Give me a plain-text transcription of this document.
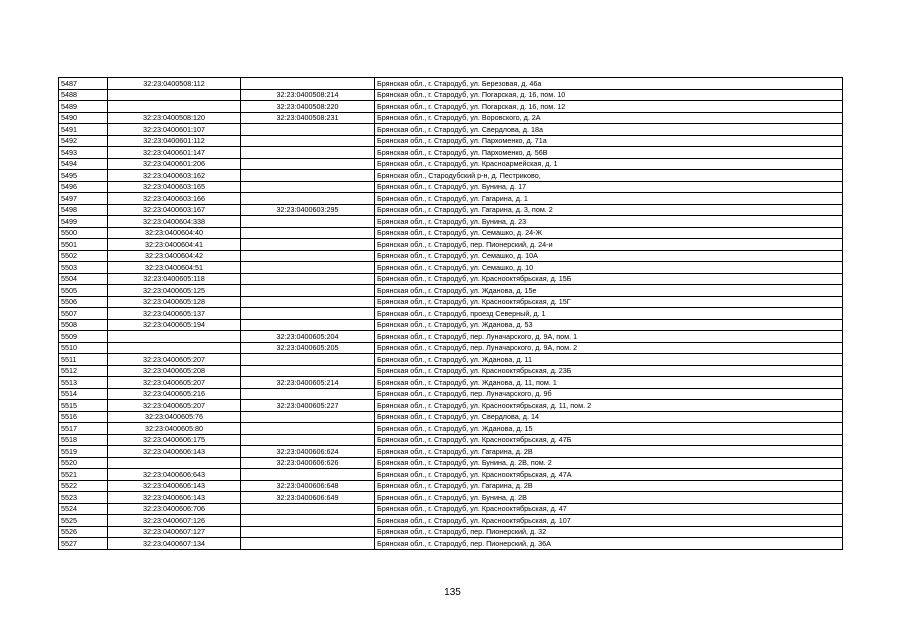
5487	32:23:0400508:112		Брянская обл., г. Стародуб, ул. Березовая, д. 46а
5488		32:23:0400508:214	Брянская обл., г. Стародуб, ул. Погарская, д. 16, пом. 10
5489		32:23:0400508:220	Брянская обл., г. Стародуб, ул. Погарская, д. 16, пом. 12
5490	32:23:0400508:120	32:23:0400508:231	Брянская обл., г. Стародуб, ул. Воровского, д. 2А
5491	32:23:0400601:107		Брянская обл., г. Стародуб, ул. Свердлова, д. 18а
5492	32:23:0400601:112		Брянская обл., г. Стародуб, ул. Пархоменко, д. 71а
5493	32:23:0400601:147		Брянская обл., г. Стародуб, ул. Пархоменко, д. 56В
5494	32:23:0400601:206		Брянская обл., г. Стародуб, ул. Красноармейская, д. 1
5495	32:23:0400603:162		Брянская обл., Стародубский р-н, д. Пестриково,
5496	32:23:0400603:165		Брянская обл., г. Стародуб, ул. Бунина, д. 17
5497	32:23:0400603:166		Брянская обл., г. Стародуб, ул. Гагарина, д. 1
5498	32:23:0400603:167	32:23:0400603:295	Брянская обл., г. Стародуб, ул. Гагарина, д. 3, пом. 2
5499	32:23:0400604:338		Брянская обл., г. Стародуб, ул. Бунина, д. 23
5500	32:23:0400604:40		Брянская обл., г. Стародуб, ул. Семашко, д. 24-Ж
5501	32:23:0400604:41		Брянская обл., г. Стародуб, пер. Пионерский, д. 24-и
5502	32:23:0400604:42		Брянская обл., г. Стародуб, ул. Семашко, д. 10А
5503	32:23:0400604:51		Брянская обл., г. Стародуб, ул. Семашко, д. 10
5504	32:23:0400605:118		Брянская обл., г. Стародуб, ул. Краснооктябрьская, д. 15Б
5505	32:23:0400605:125		Брянская обл., г. Стародуб, ул. Жданова, д. 15е
5506	32:23:0400605:128		Брянская обл., г. Стародуб, ул. Краснооктябрьская, д. 15Г
5507	32:23:0400605:137		Брянская обл., г. Стародуб, проезд Северный, д. 1
5508	32:23:0400605:194		Брянская обл., г. Стародуб, ул. Жданова, д. 53
5509		32:23:0400605:204	Брянская обл., г. Стародуб, пер. Луначарского, д. 9А, пом. 1
5510		32:23:0400605:205	Брянская обл., г. Стародуб, пер. Луначарского, д. 9А, пом. 2
5511	32:23:0400605:207		Брянская обл., г. Стародуб, ул. Жданова, д. 11
5512	32:23:0400605:208		Брянская обл., г. Стародуб, ул. Краснооктябрьская, д. 23Б
5513	32:23:0400605:207	32:23:0400605:214	Брянская обл., г. Стародуб, ул. Жданова, д. 11, пом. 1
5514	32:23:0400605:216		Брянская обл., г. Стародуб, пер. Луначарского, д. 9б
5515	32:23:0400605:207	32:23:0400605:227	Брянская обл., г. Стародуб, ул. Краснооктябрьская, д. 11, пом. 2
5516	32:23:0400605:76		Брянская обл., г. Стародуб, ул. Свердлова, д. 14
5517	32:23:0400605:80		Брянская обл., г. Стародуб, ул. Жданова, д. 15
5518	32:23:0400606:175		Брянская обл., г. Стародуб, ул. Краснооктябрьская, д. 47Б
5519	32:23:0400606:143	32:23:0400606:624	Брянская обл., г. Стародуб, ул. Гагарина, д. 2В
5520		32:23:0400606:626	Брянская обл., г. Стародуб, ул. Бунина, д. 2В, пом. 2
5521	32:23:0400606:643		Брянская обл., г. Стародуб, ул. Краснооктябрьская, д. 47А
5522	32:23:0400606:143	32:23:0400606:648	Брянская обл., г. Стародуб, ул. Гагарина, д. 2В
5523	32:23:0400606:143	32:23:0400606:649	Брянская обл., г. Стародуб, ул. Бунина, д. 2В
5524	32:23:0400606:706		Брянская обл., г. Стародуб, ул. Краснооктябрьская, д. 47
5525	32:23:0400607:126		Брянская обл., г. Стародуб, ул. Краснооктябрьская, д. 107
5526	32:23:0400607:127		Брянская обл., г. Стародуб, пер. Пионерский, д. 32
5527	32:23:0400607:134		Брянская обл., г. Стародуб, пер. Пионерский, д. 36А
135
